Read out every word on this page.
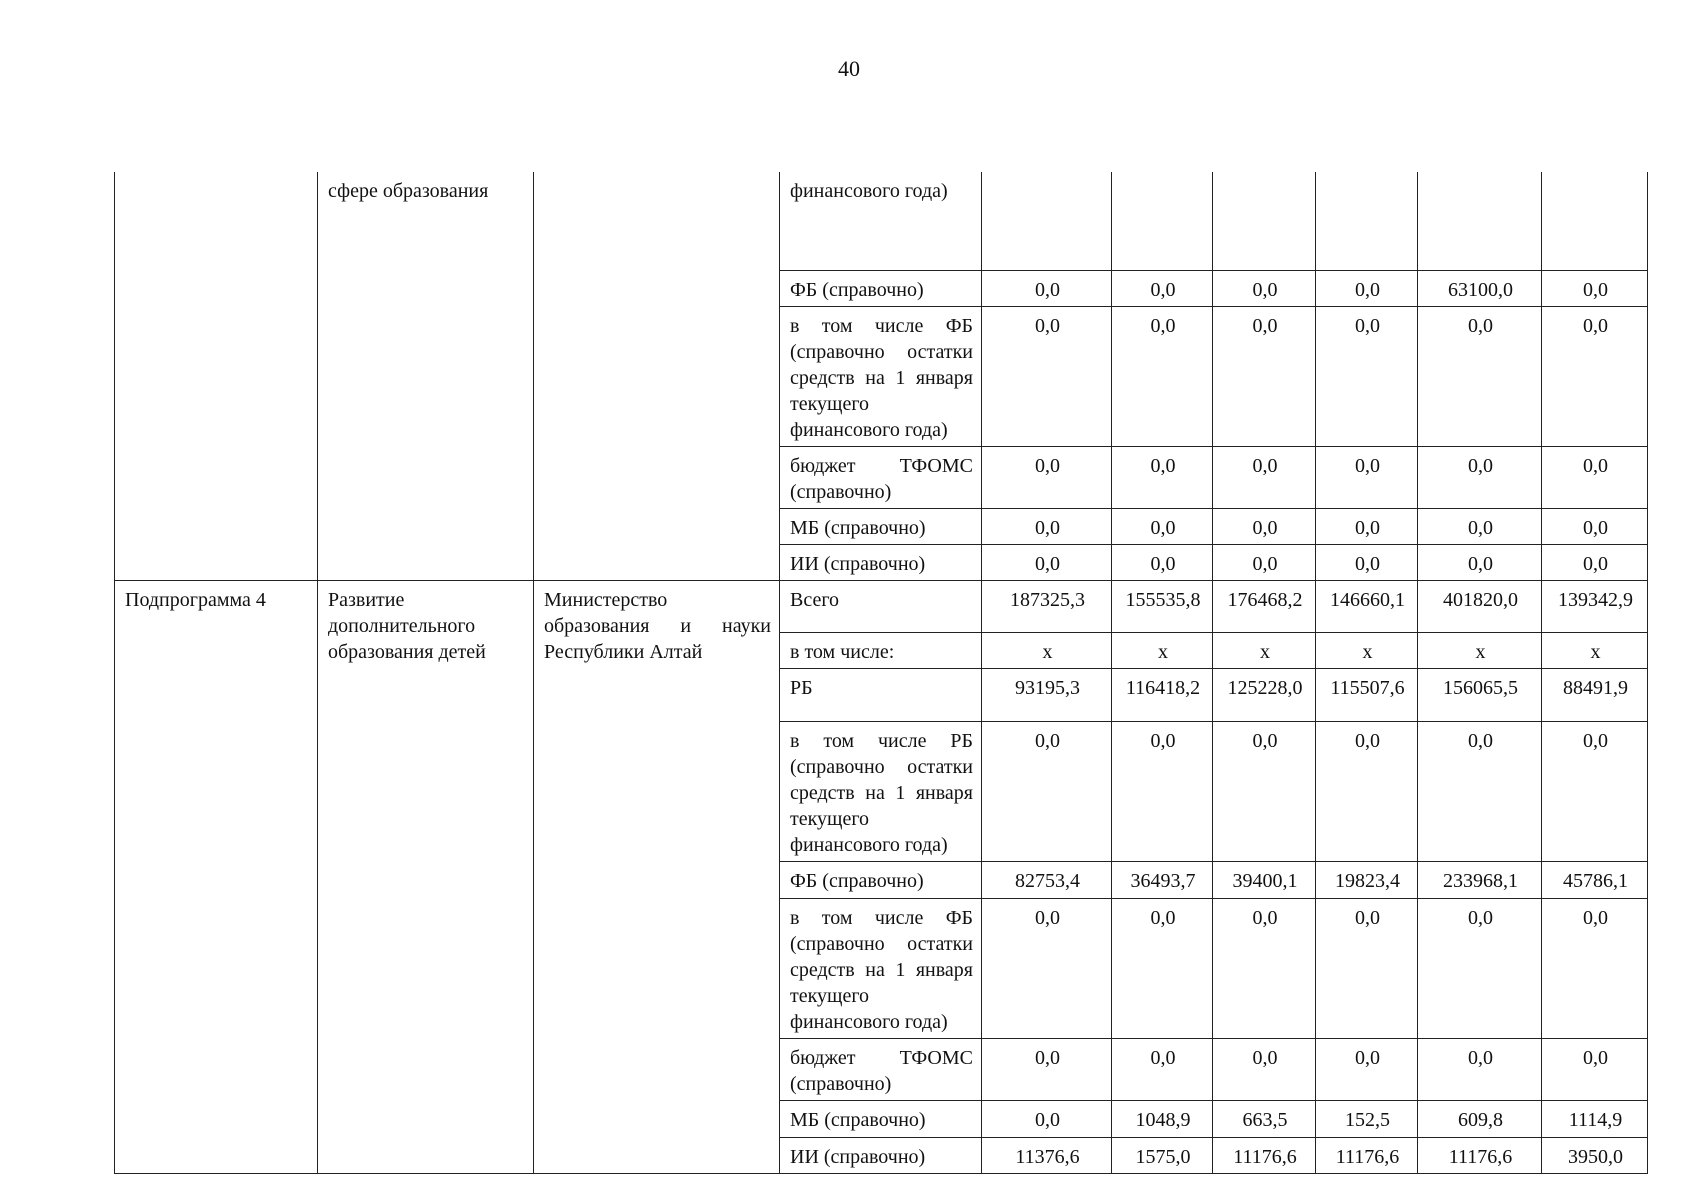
40

	сфере образования		финансового года)						

			ФБ (справочно)	0,0	0,0	0,0	0,0	63100,0	0,0

			в том числе ФБ (справочно остатки средств на 1 января текущего финансового года)	0,0	0,0	0,0	0,0	0,0	0,0

			бюджет ТФОМС (справочно)	0,0	0,0	0,0	0,0	0,0	0,0

			МБ (справочно)	0,0	0,0	0,0	0,0	0,0	0,0

			ИИ (справочно)	0,0	0,0	0,0	0,0	0,0	0,0

Подпрограмма 4	Развитие дополнительного образования детей	Министерство образования и науки Республики Алтай	Всего	187325,3	155535,8	176468,2	146660,1	401820,0	139342,9

			в том числе:	х	х	х	х	х	х

			РБ	93195,3	116418,2	125228,0	115507,6	156065,5	88491,9

			в том числе РБ (справочно остатки средств на 1 января текущего финансового года)	0,0	0,0	0,0	0,0	0,0	0,0

			ФБ (справочно)	82753,4	36493,7	39400,1	19823,4	233968,1	45786,1

			в том числе ФБ (справочно остатки средств на 1 января текущего финансового года)	0,0	0,0	0,0	0,0	0,0	0,0

			бюджет ТФОМС (справочно)	0,0	0,0	0,0	0,0	0,0	0,0

			МБ (справочно)	0,0	1048,9	663,5	152,5	609,8	1114,9

			ИИ (справочно)	11376,6	1575,0	11176,6	11176,6	11176,6	3950,0
